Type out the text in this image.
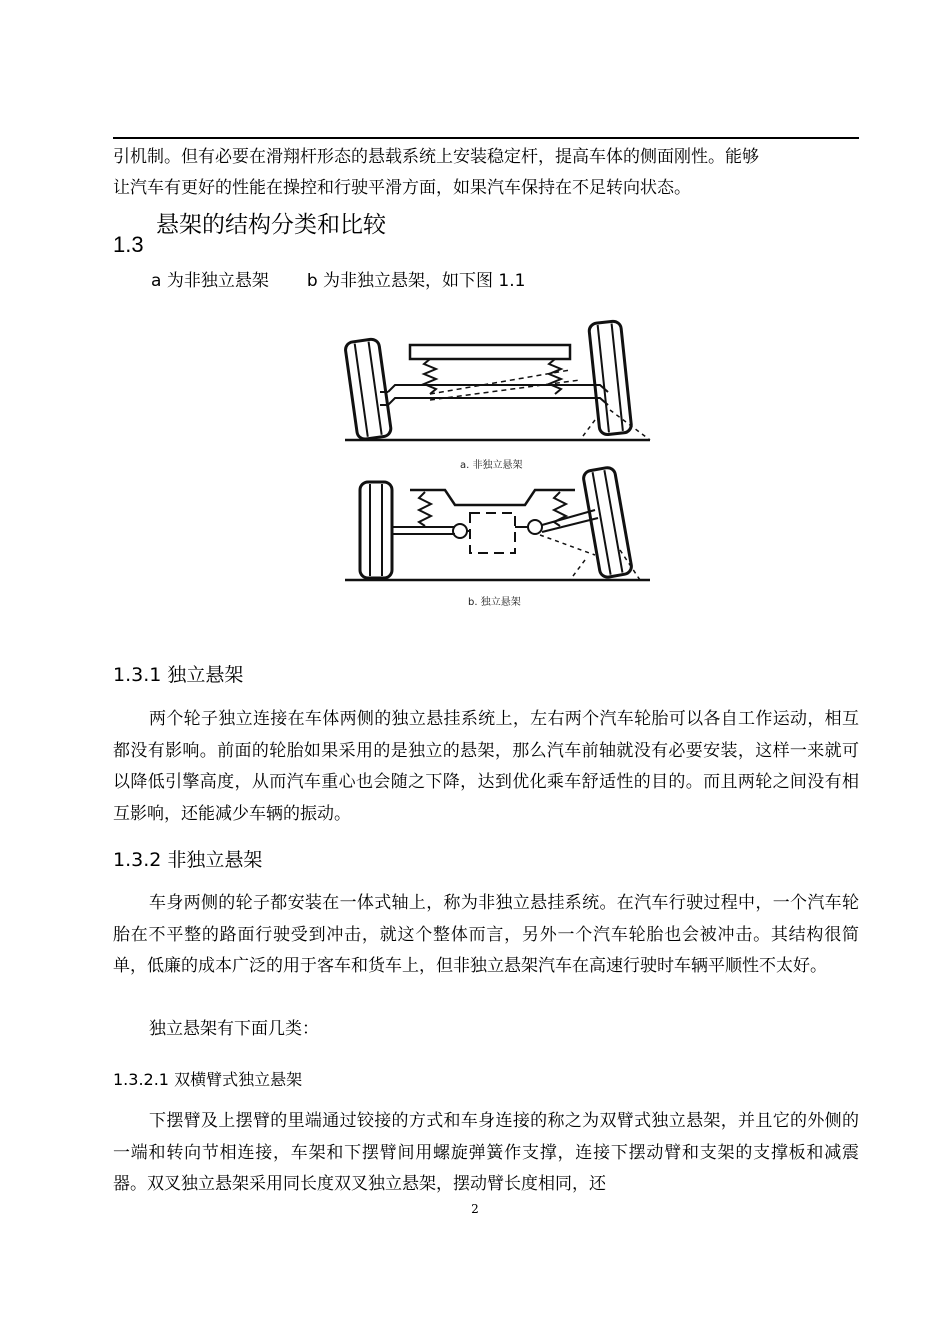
引机制。但有必要在滑翔杆形态的悬载系统上安装稳定杆，提高车体的侧面刚性。能够

让汽车有更好的性能在操控和行驶平滑方面，如果汽车保持在不足转向状态。

悬架的结构分类和比较
1.3
a 为非独立悬架 b 为非独立悬架，如下图 1.1
a. 非独立悬架
b. 独立悬架
1.3.1 独立悬架

两个轮子独立连接在车体两侧的独立悬挂系统上，左右两个汽车轮胎可以各自工作运动，相互都没有影响。前面的轮胎如果采用的是独立的悬架，那么汽车前轴就没有必要安装，这样一来就可以降低引擎高度，从而汽车重心也会随之下降，达到优化乘车舒适性的目的。而且两轮之间没有相互影响，还能减少车辆的振动。

1.3.2 非独立悬架

车身两侧的轮子都安装在一体式轴上，称为非独立悬挂系统。在汽车行驶过程中，一个汽车轮胎在不平整的路面行驶受到冲击，就这个整体而言，另外一个汽车轮胎也会被冲击。其结构很简单，低廉的成本广泛的用于客车和货车上，但非独立悬架汽车在高速行驶时车辆平顺性不太好。

独立悬架有下面几类：

1.3.2.1 双横臂式独立悬架

下摆臂及上摆臂的里端通过铰接的方式和车身连接的称之为双臂式独立悬架，并且它的外侧的一端和转向节相连接，车架和下摆臂间用螺旋弹簧作支撑，连接下摆动臂和支架的支撑板和减震器。双叉独立悬架采用同长度双叉独立悬架，摆动臂长度相同，还

2
